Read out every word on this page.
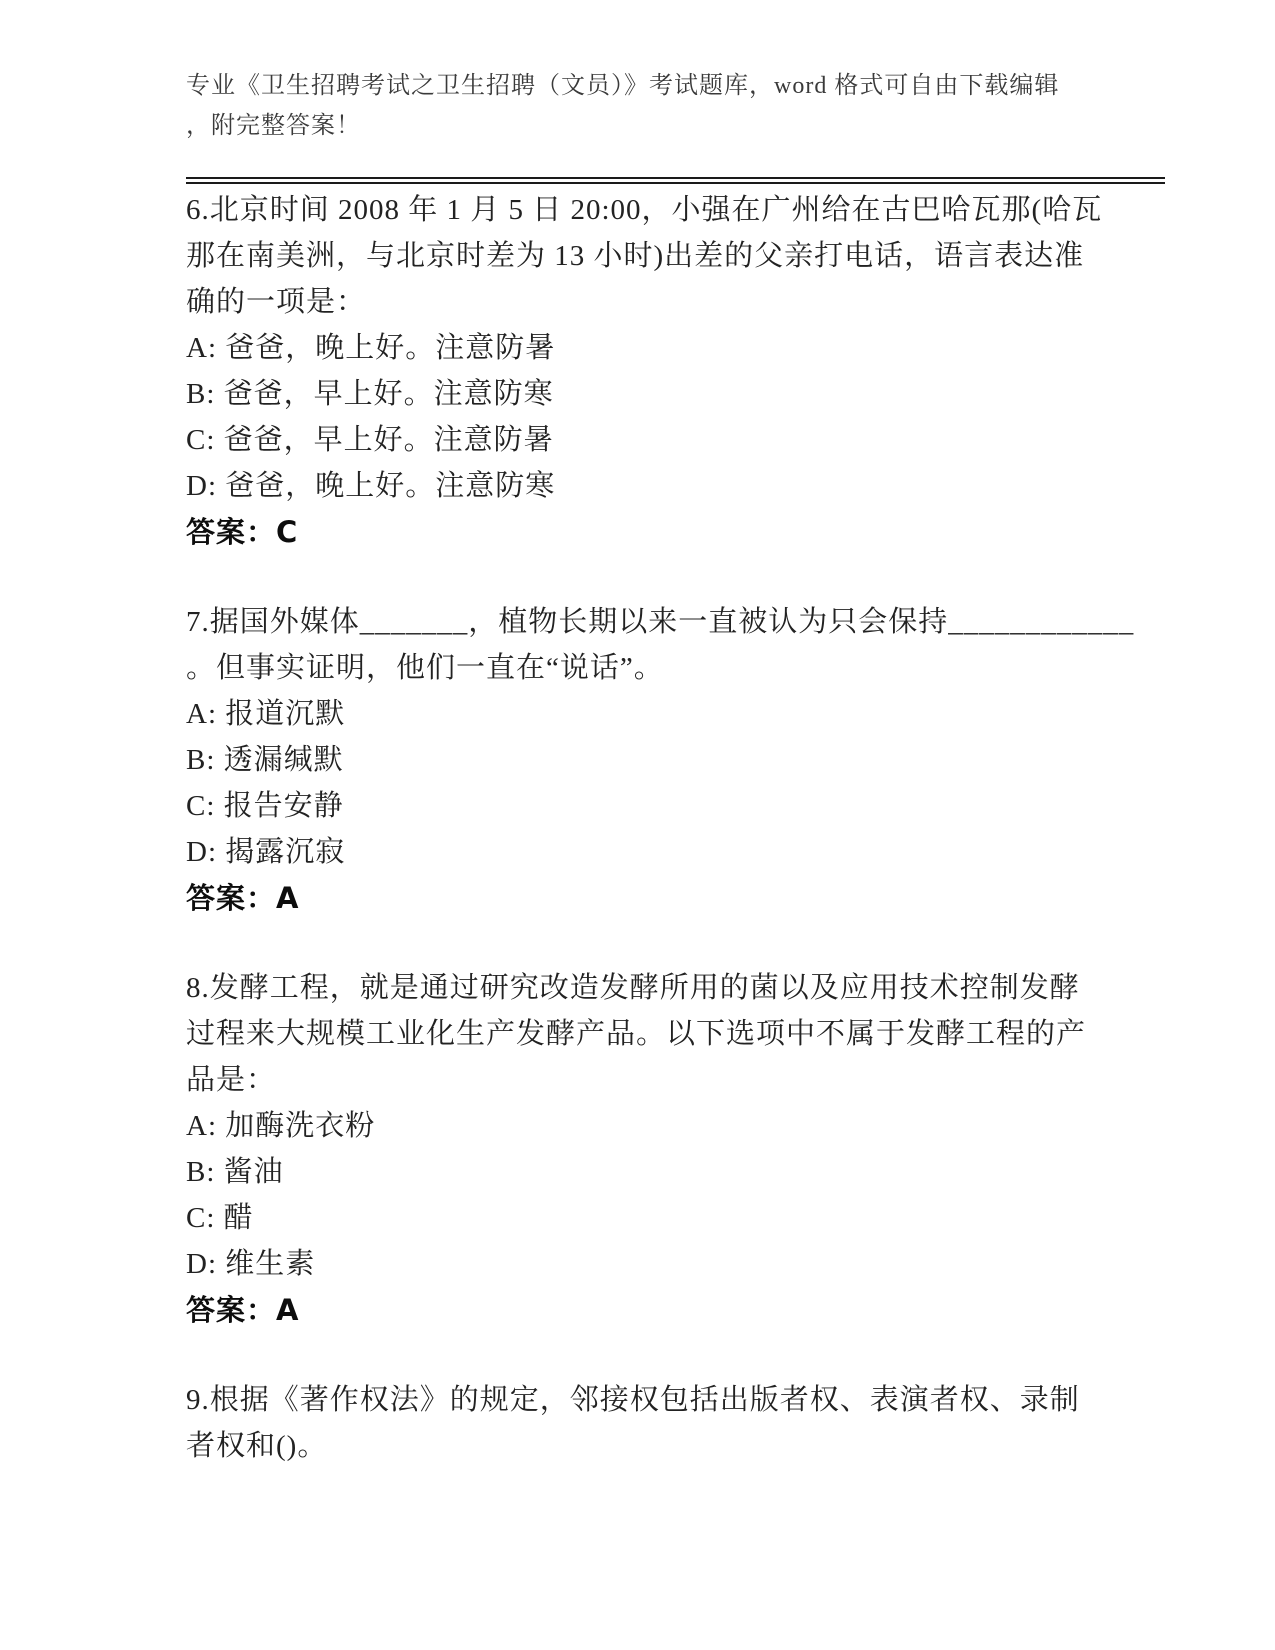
专业《卫生招聘考试之卫生招聘（文员）》考试题库，word 格式可自由下载编辑
，附完整答案！
6.北京时间 2008 年 1 月 5 日 20:00，小强在广州给在古巴哈瓦那(哈瓦
那在南美洲，与北京时差为 13 小时)出差的父亲打电话，语言表达准
确的一项是：
A: 爸爸，晚上好。注意防暑
B: 爸爸，早上好。注意防寒
C: 爸爸，早上好。注意防暑
D: 爸爸，晚上好。注意防寒
答案：C
7.据国外媒体_______，植物长期以来一直被认为只会保持____________
。但事实证明，他们一直在“说话”。
A: 报道沉默
B: 透漏缄默
C: 报告安静
D: 揭露沉寂
答案：A
8.发酵工程，就是通过研究改造发酵所用的菌以及应用技术控制发酵
过程来大规模工业化生产发酵产品。以下选项中不属于发酵工程的产
品是：
A: 加酶洗衣粉
B: 酱油
C: 醋
D: 维生素
答案：A
9.根据《著作权法》的规定，邻接权包括出版者权、表演者权、录制
者权和()。
